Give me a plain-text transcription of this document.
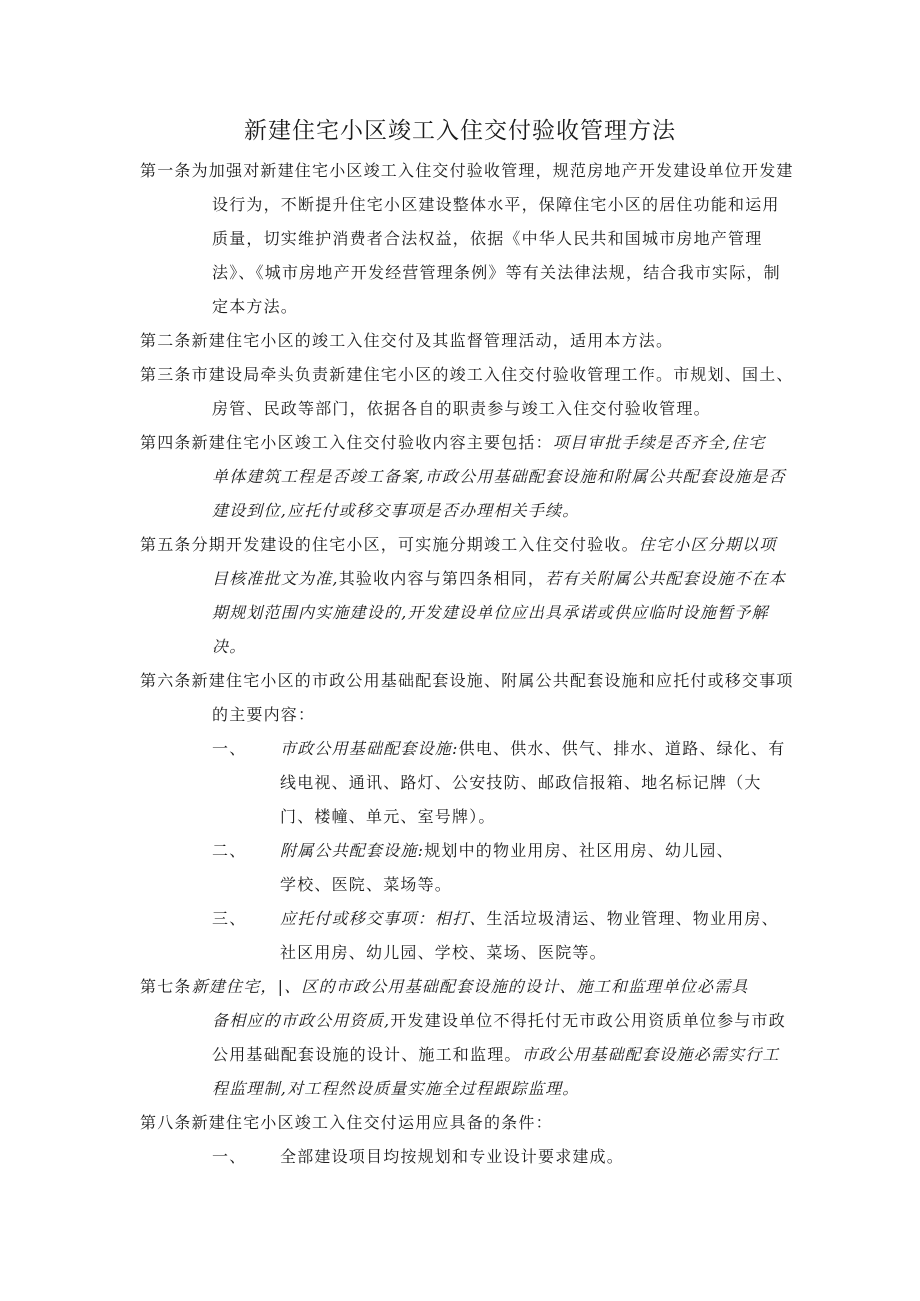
新建住宅小区竣工入住交付验收管理方法
第一条为加强对新建住宅小区竣工入住交付验收管理，规范房地产开发建设单位开发建
设行为，不断提升住宅小区建设整体水平，保障住宅小区的居住功能和运用质量，切实维护消费者合法权益，依据《中华人民共和国城市房地产管理法》、《城市房地产开发经营管理条例》等有关法律法规，结合我市实际，制定本方法。
第二条新建住宅小区的竣工入住交付及其监督管理活动，适用本方法。
第三条市建设局牵头负责新建住宅小区的竣工入住交付验收管理工作。市规划、国土、
房管、民政等部门，依据各自的职责参与竣工入住交付验收管理。
第四条新建住宅小区竣工入住交付验收内容主要包括：项目审批手续是否齐全,住宅
单体建筑工程是否竣工备案,市政公用基础配套设施和附属公共配套设施是否建设到位,应托付或移交事项是否办理相关手续。
第五条分期开发建设的住宅小区，可实施分期竣工入住交付验收。住宅小区分期以项
目核准批文为准,其验收内容与第四条相同，若有关附属公共配套设施不在本期规划范围内实施建设的,开发建设单位应出具承诺或供应临时设施暂予解决。
第六条新建住宅小区的市政公用基础配套设施、附属公共配套设施和应托付或移交事项
的主要内容：
一、	市政公用基础配套设施:供电、供水、供气、排水、道路、绿化、有线电视、通讯、路灯、公安技防、邮政信报箱、地名标记牌（大门、楼幢、单元、室号牌）。
二、	附属公共配套设施:规划中的物业用房、社区用房、幼儿园、学校、医院、菜场等。
三、	应托付或移交事项：相打、生活垃圾清运、物业管理、物业用房、社区用房、幼儿园、学校、菜场、医院等。
第七条新建住宅，|、区的市政公用基础配套设施的设计、施工和监理单位必需具
备相应的市政公用资质,开发建设单位不得托付无市政公用资质单位参与市政公用基础配套设施的设计、施工和监理。市政公用基础配套设施必需实行工程监理制,对工程然设质量实施全过程跟踪监理。
第八条新建住宅小区竣工入住交付运用应具备的条件：
一、	全部建设项目均按规划和专业设计要求建成。
